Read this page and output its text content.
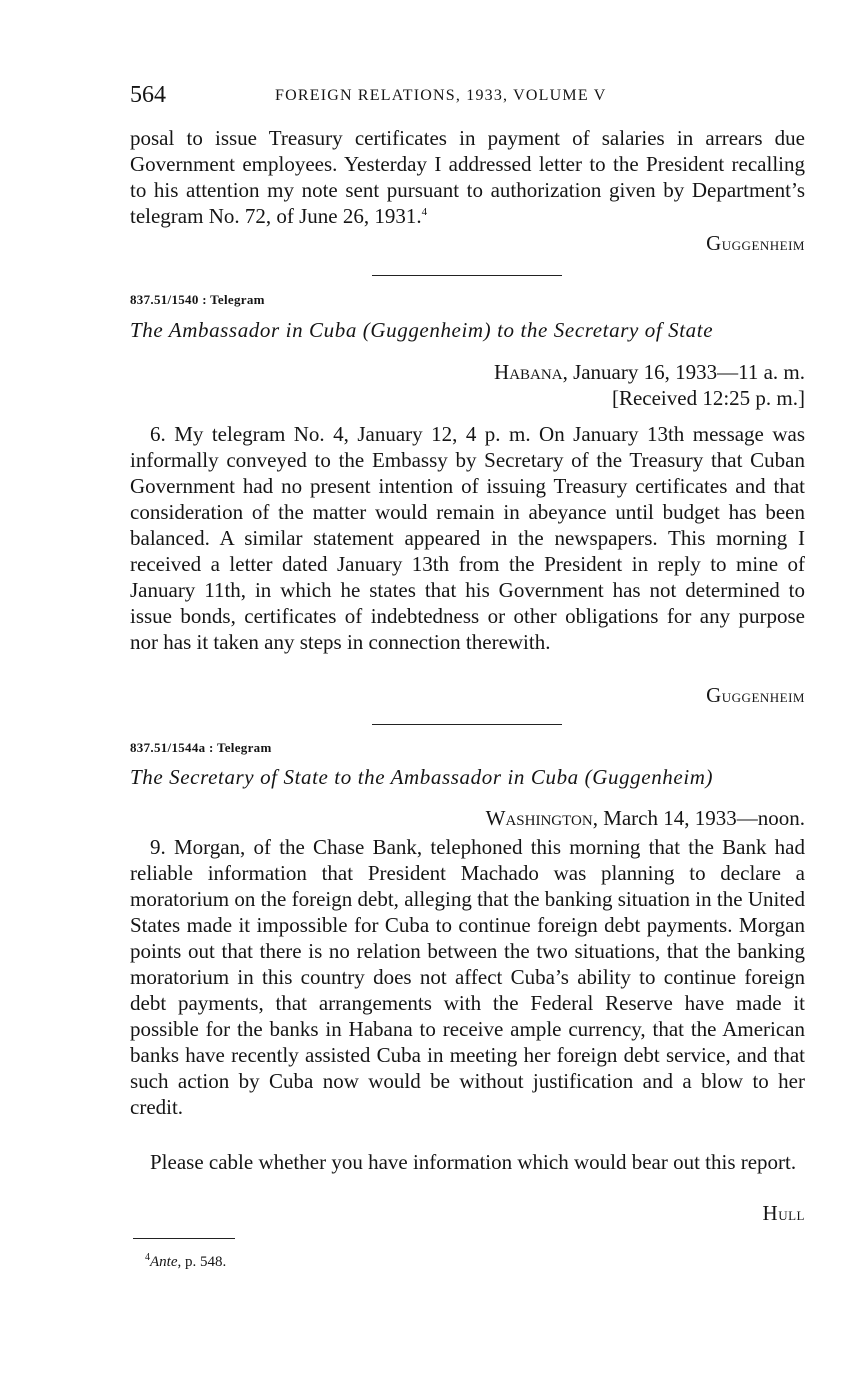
564	FOREIGN RELATIONS, 1933, VOLUME V

posal to issue Treasury certificates in payment of salaries in arrears due Government employees. Yesterday I addressed letter to the President recalling to his attention my note sent pursuant to authorization given by Department’s telegram No. 72, of June 26, 1931.$^4$

Guggenheim
837.51/1540 : Telegram
The Ambassador in Cuba (Guggenheim) to the Secretary of State
Habana, January 16, 1933—11 a. m.
[Received 12:25 p. m.]

6. My telegram No. 4, January 12, 4 p. m. On January 13th message was informally conveyed to the Embassy by Secretary of the Treasury that Cuban Government had no present intention of issuing Treasury certificates and that consideration of the matter would remain in abeyance until budget has been balanced. A similar statement appeared in the newspapers. This morning I received a letter dated January 13th from the President in reply to mine of January 11th, in which he states that his Government has not determined to issue bonds, certificates of indebtedness or other obligations for any purpose nor has it taken any steps in connection therewith.

Guggenheim
837.51/1544a : Telegram
The Secretary of State to the Ambassador in Cuba (Guggenheim)
Washington, March 14, 1933—noon.

9. Morgan, of the Chase Bank, telephoned this morning that the Bank had reliable information that President Machado was planning to declare a moratorium on the foreign debt, alleging that the banking situation in the United States made it impossible for Cuba to continue foreign debt payments. Morgan points out that there is no relation between the two situations, that the banking moratorium in this country does not affect Cuba’s ability to continue foreign debt payments, that arrangements with the Federal Reserve have made it possible for the banks in Habana to receive ample currency, that the American banks have recently assisted Cuba in meeting her foreign debt service, and that such action by Cuba now would be without justification and a blow to her credit.

Please cable whether you have information which would bear out this report.

Hull
$^4$Ante, p. 548.
